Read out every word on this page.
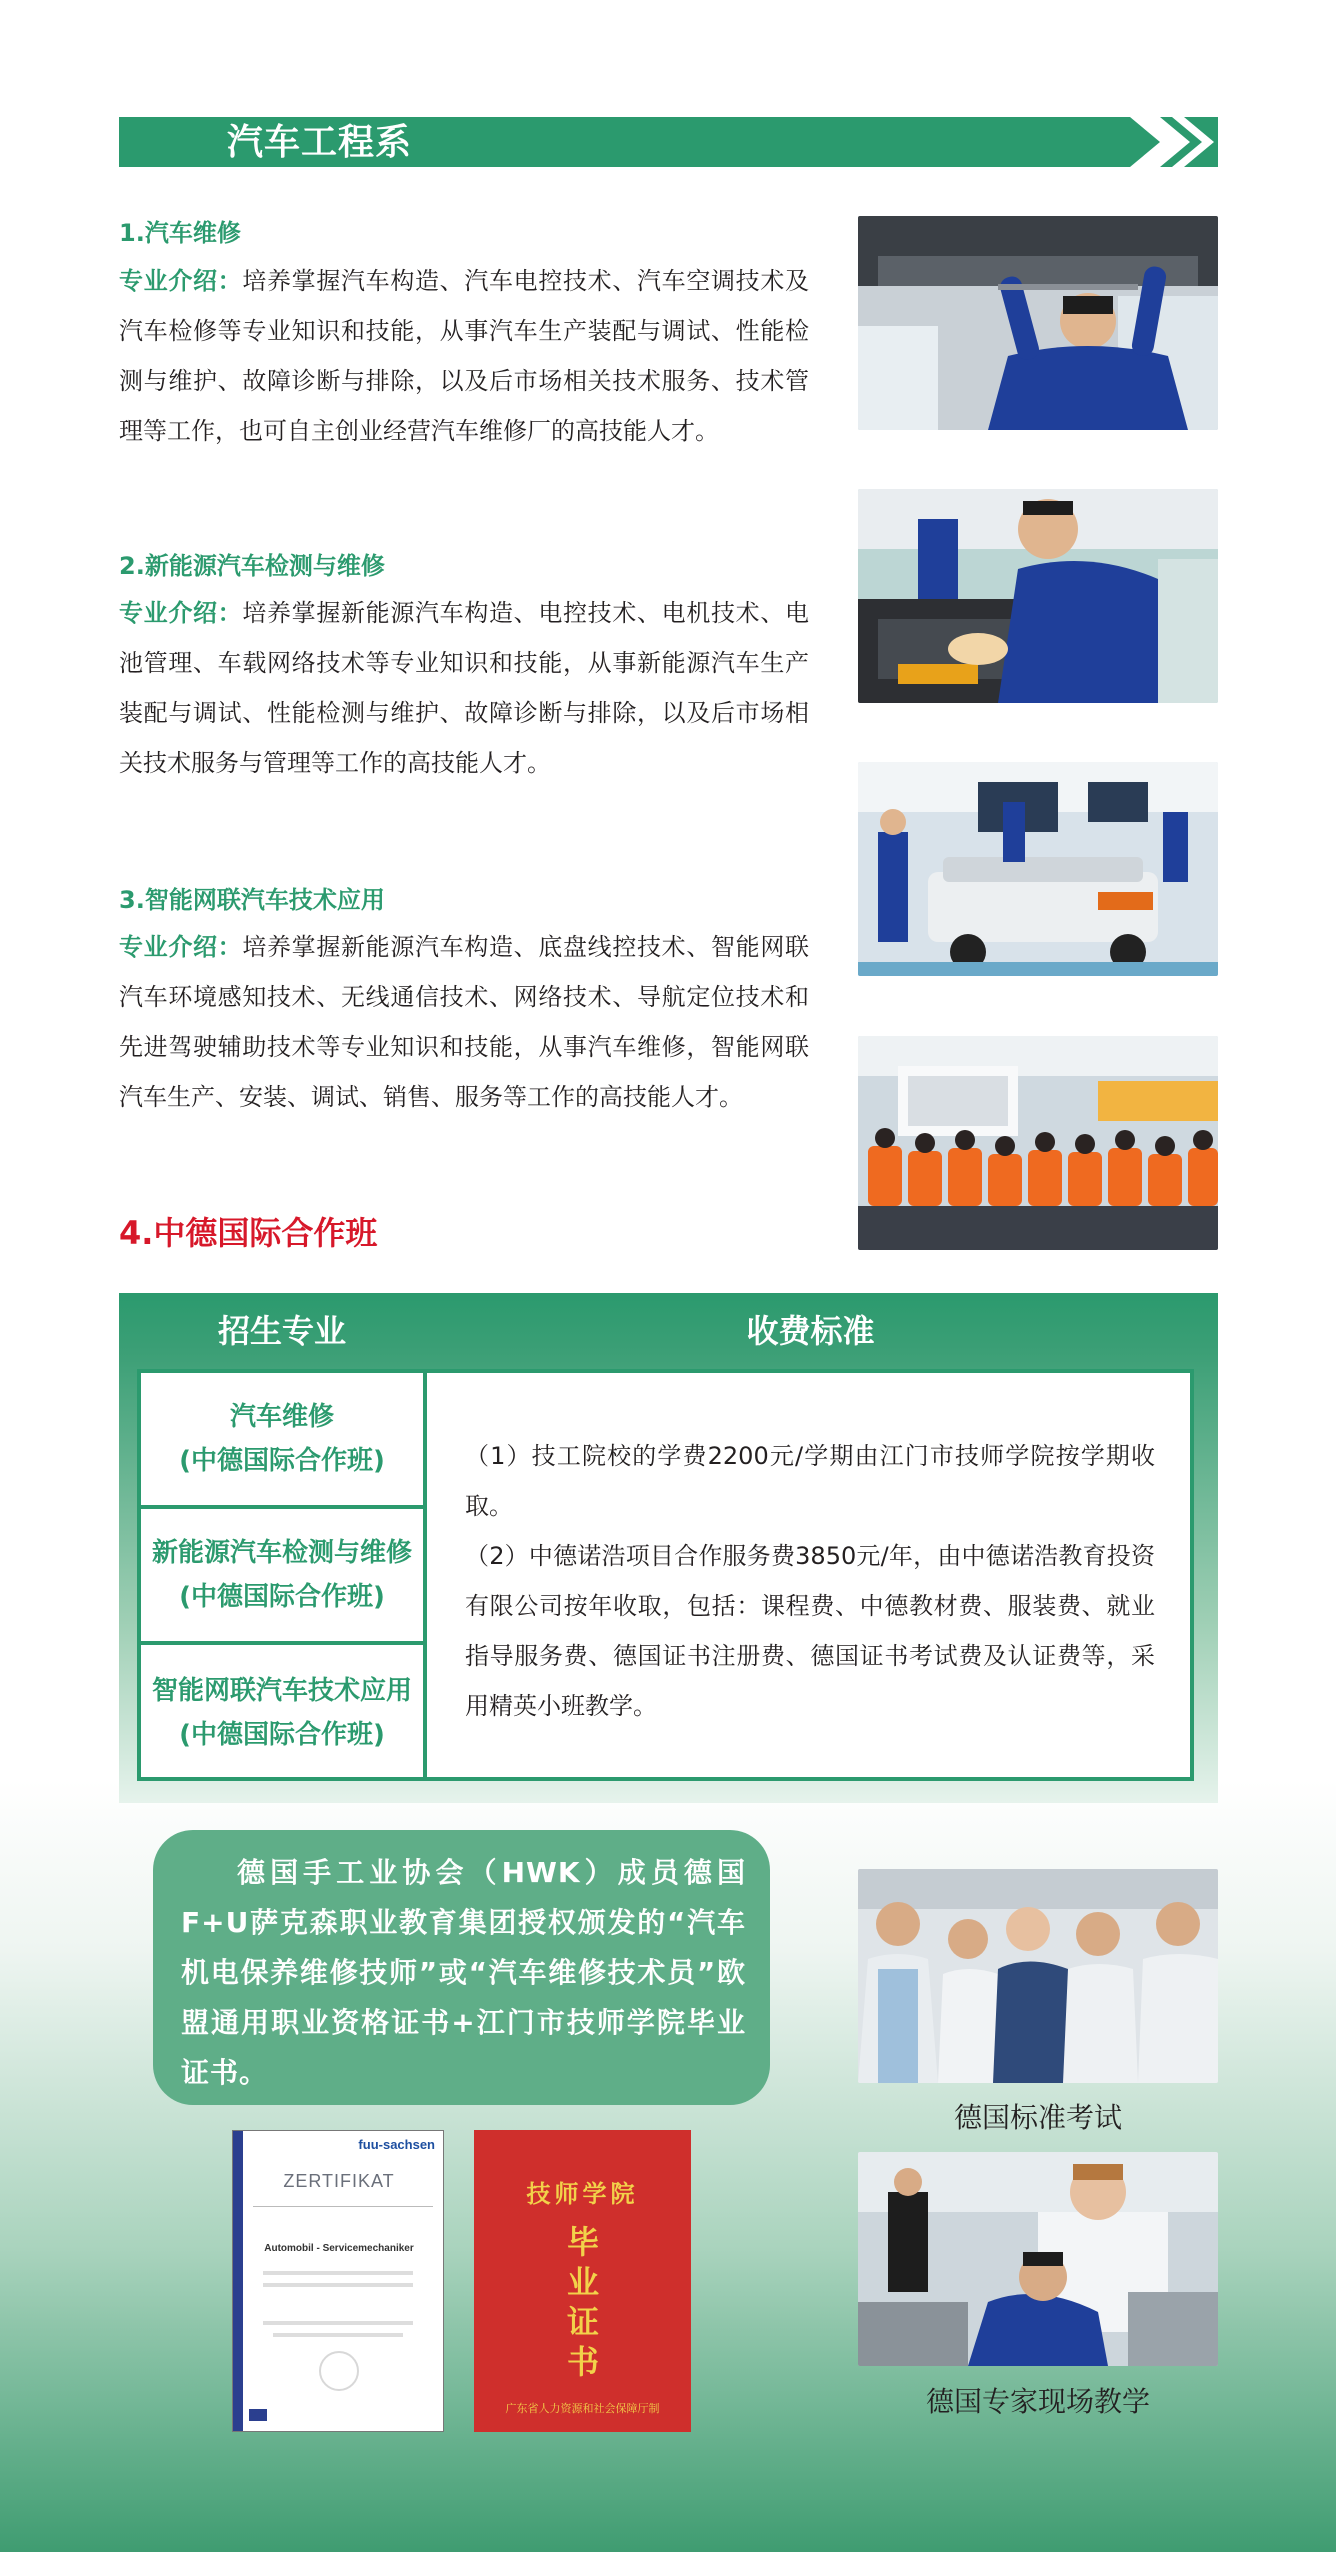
汽车工程系
1.汽车维修
专业介绍：培养掌握汽车构造、汽车电控技术、汽车空调技术及汽车检修等专业知识和技能，从事汽车生产装配与调试、性能检测与维护、故障诊断与排除，以及后市场相关技术服务、技术管理等工作，也可自主创业经营汽车维修厂的高技能人才。
2.新能源汽车检测与维修
专业介绍：培养掌握新能源汽车构造、电控技术、电机技术、电池管理、车载网络技术等专业知识和技能，从事新能源汽车生产装配与调试、性能检测与维护、故障诊断与排除，以及后市场相关技术服务与管理等工作的高技能人才。
3.智能网联汽车技术应用
专业介绍：培养掌握新能源汽车构造、底盘线控技术、智能网联汽车环境感知技术、无线通信技术、网络技术、导航定位技术和先进驾驶辅助技术等专业知识和技能，从事汽车维修，智能网联汽车生产、安装、调试、销售、服务等工作的高技能人才。
4.中德国际合作班
招生专业	收费标准
汽车维修
(中德国际合作班)
新能源汽车检测与维修
(中德国际合作班)
智能网联汽车技术应用
(中德国际合作班)
（1）技工院校的学费2200元/学期由江门市技师学院按学期收取。
（2）中德诺浩项目合作服务费3850元/年，由中德诺浩教育投资有限公司按年收取，包括：课程费、中德教材费、服装费、就业指导服务费、德国证书注册费、德国证书考试费及认证费等，采用精英小班教学。
德国手工业协会（HWK）成员德国F+U萨克森职业教育集团授权颁发的“汽车机电保养维修技师”或“汽车维修技术员”欧盟通用职业资格证书+江门市技师学院毕业证书。
fuu-sachsen
ZERTIFIKAT
Automobil - Servicemechaniker
技师学院
毕业证书
广东省人力资源和社会保障厅制
德国标准考试
德国专家现场教学
